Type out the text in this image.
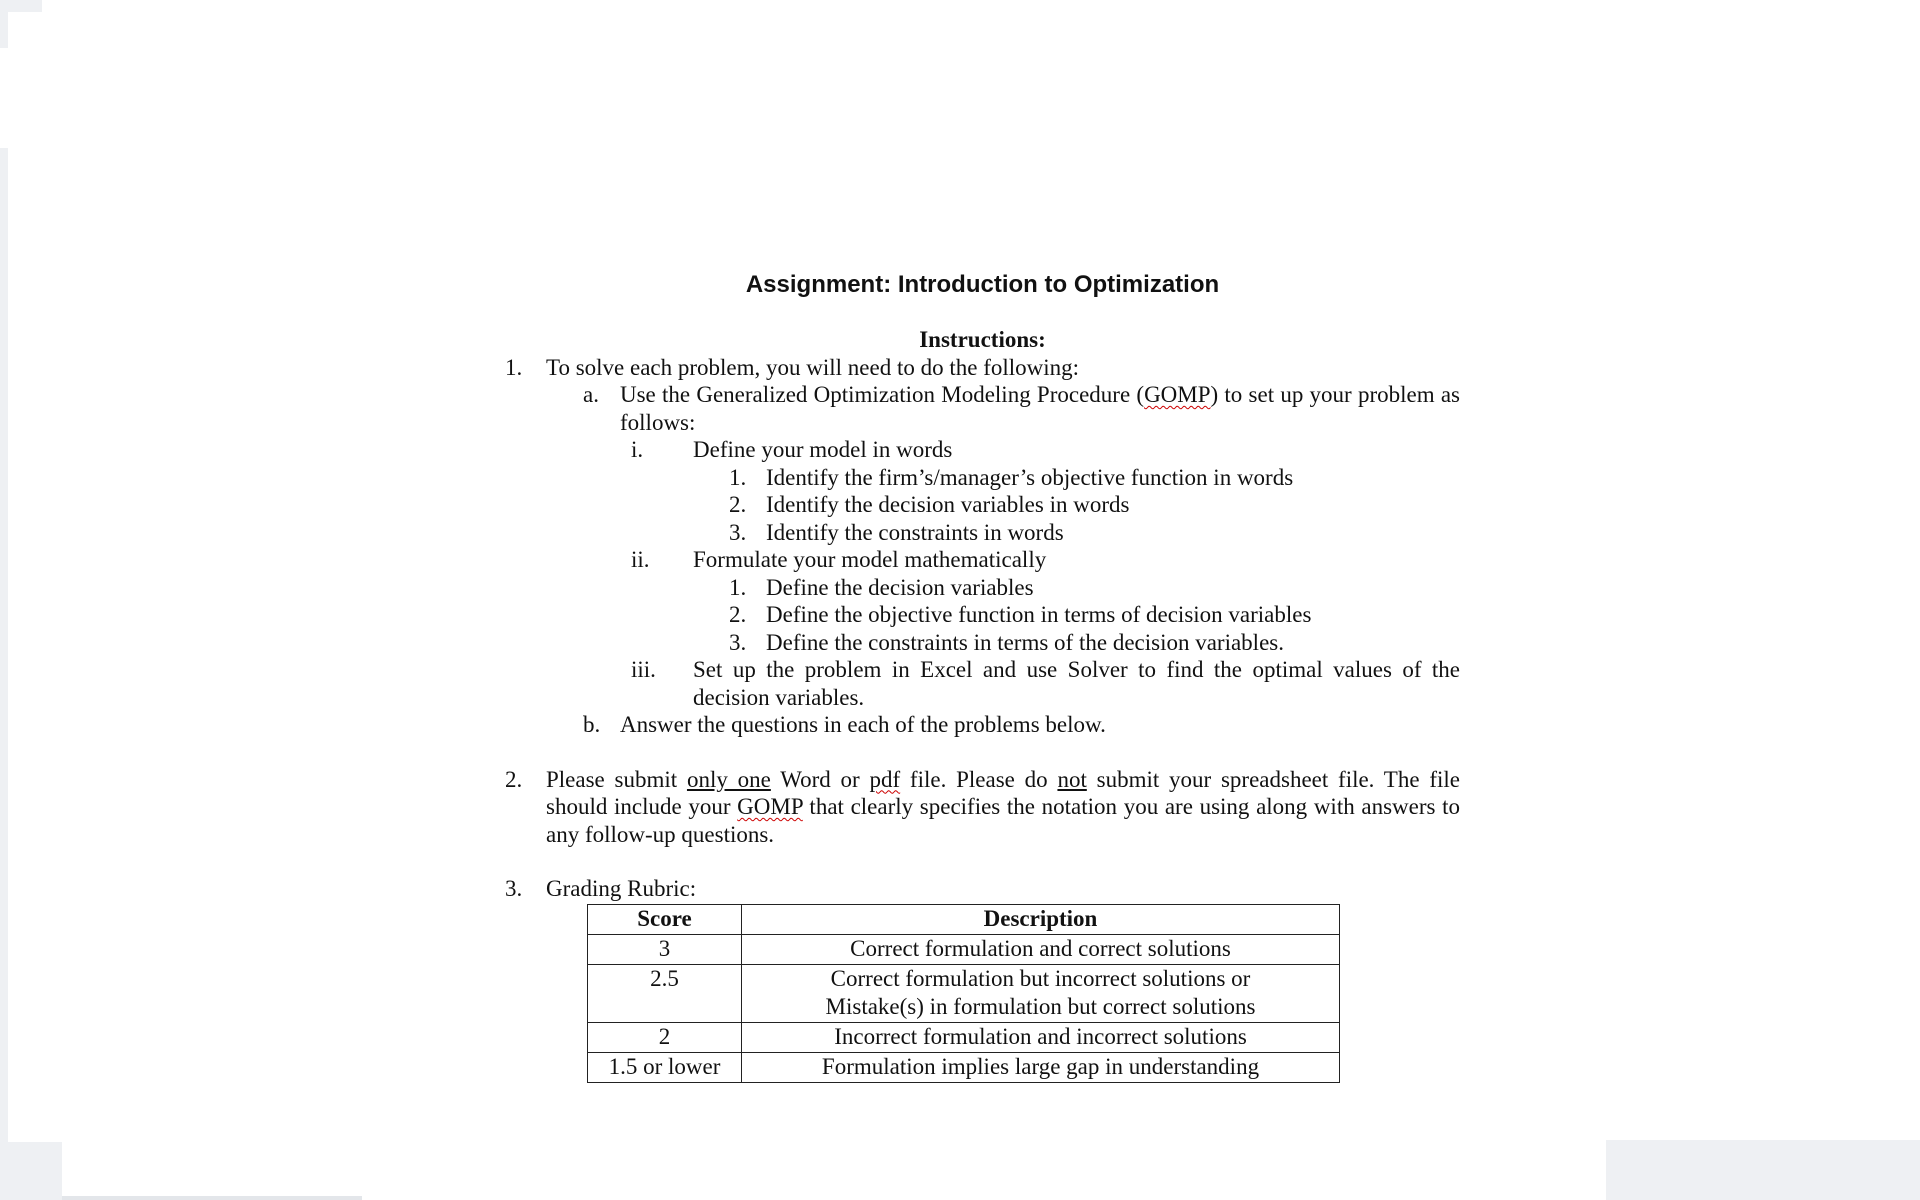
Assignment: Introduction to Optimization

Instructions:

1. To solve each problem, you will need to do the following:
a. Use the Generalized Optimization Modeling Procedure (GOMP) to set up your problem as follows:
i.	Define your model in words
1. Identify the firm’s/manager’s objective function in words
2. Identify the decision variables in words
3. Identify the constraints in words
ii.	Formulate your model mathematically
1. Define the decision variables
2. Define the objective function in terms of decision variables
3. Define the constraints in terms of the decision variables.
iii. Set up the problem in Excel and use Solver to find the optimal values of the decision variables.
b. Answer the questions in each of the problems below.
2. Please submit only one Word or pdf file. Please do not submit your spreadsheet file. The file should include your GOMP that clearly specifies the notation you are using along with answers to any follow-up questions.
3. Grading Rubric:
Score	Description
3	Correct formulation and correct solutions
2.5	Correct formulation but incorrect solutions or
Mistake(s) in formulation but correct solutions
2	Incorrect formulation and incorrect solutions
1.5 or lower	Formulation implies large gap in understanding
